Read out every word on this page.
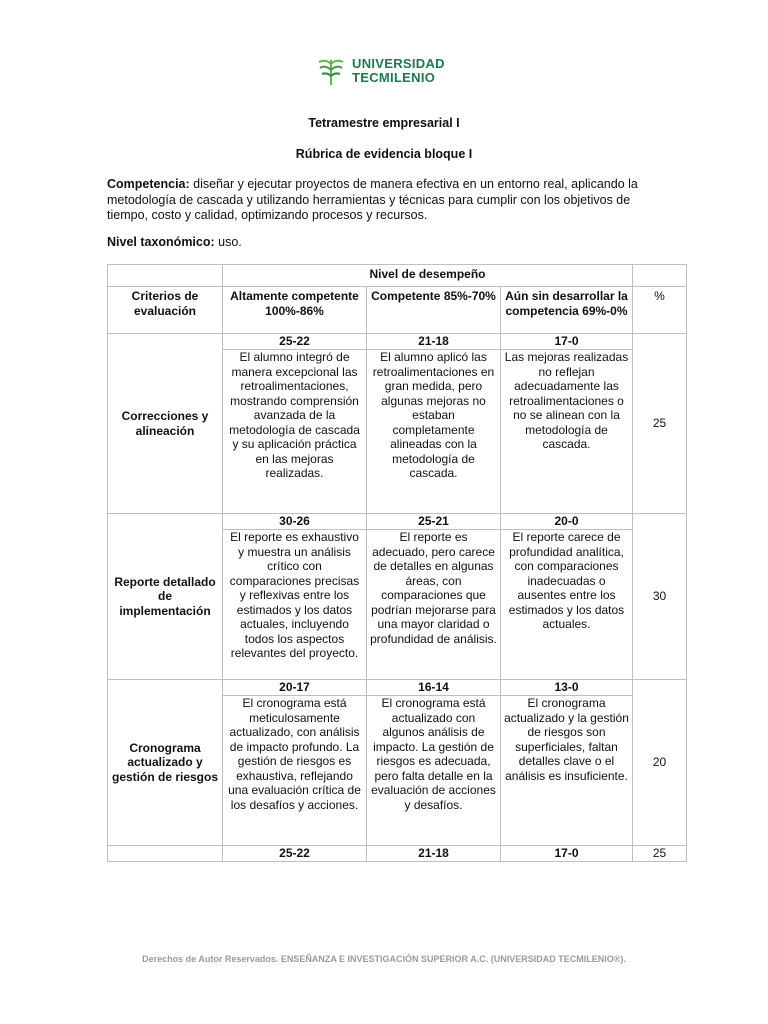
UNIVERSIDAD
TECMILENIO
Tetramestre empresarial I
Rúbrica de evidencia bloque I
Competencia: diseñar y ejecutar proyectos de manera efectiva en un entorno real, aplicando la metodología de cascada y utilizando herramientas y técnicas para cumplir con los objetivos de tiempo, costo y calidad, optimizando procesos y recursos.
Nivel taxonómico: uso.
	Nivel de desempeño			
Criterios de evaluación	Altamente competente 100%-86%	Competente 85%-70%	Aún sin desarrollar la competencia 69%-0%	%
Correcciones y alineación	25-22	21-18	17-0	25
	El alumno integró de manera excepcional las retroalimentaciones, mostrando comprensión avanzada de la metodología de cascada y su aplicación práctica en las mejoras realizadas.	El alumno aplicó las retroalimentaciones en gran medida, pero algunas mejoras no estaban completamente alineadas con la metodología de cascada.	Las mejoras realizadas no reflejan adecuadamente las retroalimentaciones o no se alinean con la metodología de cascada.	
Reporte detallado de implementación	30-26	25-21	20-0	30
	El reporte es exhaustivo y muestra un análisis crítico con comparaciones precisas y reflexivas entre los estimados y los datos actuales, incluyendo todos los aspectos relevantes del proyecto.	El reporte es adecuado, pero carece de detalles en algunas áreas, con comparaciones que podrían mejorarse para una mayor claridad o profundidad de análisis.	El reporte carece de profundidad analítica, con comparaciones inadecuadas o ausentes entre los estimados y los datos actuales.	
Cronograma actualizado y gestión de riesgos	20-17	16-14	13-0	20
	El cronograma está meticulosamente actualizado, con análisis de impacto profundo. La gestión de riesgos es exhaustiva, reflejando una evaluación crítica de los desafíos y acciones.	El cronograma está actualizado con algunos análisis de impacto. La gestión de riesgos es adecuada, pero falta detalle en la evaluación de acciones y desafíos.	El cronograma actualizado y la gestión de riesgos son superficiales, faltan detalles clave o el análisis es insuficiente.	
	25-22	21-18	17-0	25
Derechos de Autor Reservados. ENSEÑANZA E INVESTIGACIÓN SUPERIOR A.C. (UNIVERSIDAD TECMILENIO®).
